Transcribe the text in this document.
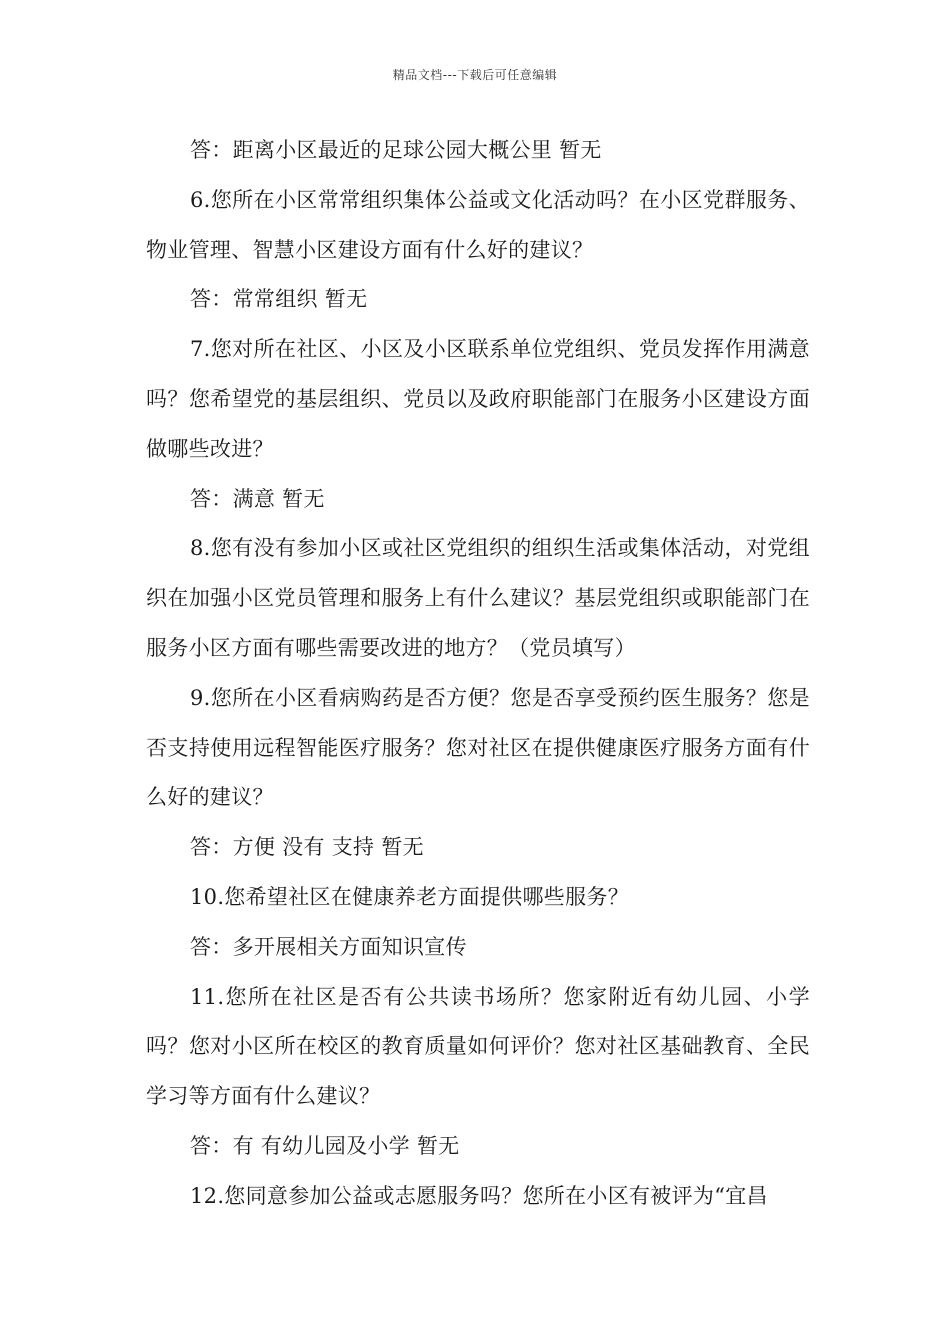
精品文档---下载后可任意编辑

答：距离小区最近的足球公园大概公里 暂无

6.您所在小区常常组织集体公益或文化活动吗？在小区党群服务、物业管理、智慧小区建设方面有什么好的建议？

答：常常组织 暂无

7.您对所在社区、小区及小区联系单位党组织、党员发挥作用满意吗？您希望党的基层组织、党员以及政府职能部门在服务小区建设方面做哪些改进？

答：满意 暂无

8.您有没有参加小区或社区党组织的组织生活或集体活动，对党组织在加强小区党员管理和服务上有什么建议？基层党组织或职能部门在服务小区方面有哪些需要改进的地方？（党员填写）

9.您所在小区看病购药是否方便？您是否享受预约医生服务？您是否支持使用远程智能医疗服务？您对社区在提供健康医疗服务方面有什么好的建议？

答：方便 没有 支持 暂无

10.您希望社区在健康养老方面提供哪些服务？

答：多开展相关方面知识宣传

11.您所在社区是否有公共读书场所？您家附近有幼儿园、小学吗？您对小区所在校区的教育质量如何评价？您对社区基础教育、全民学习等方面有什么建议？

答：有 有幼儿园及小学 暂无

12.您同意参加公益或志愿服务吗？您所在小区有被评为“宜昌
